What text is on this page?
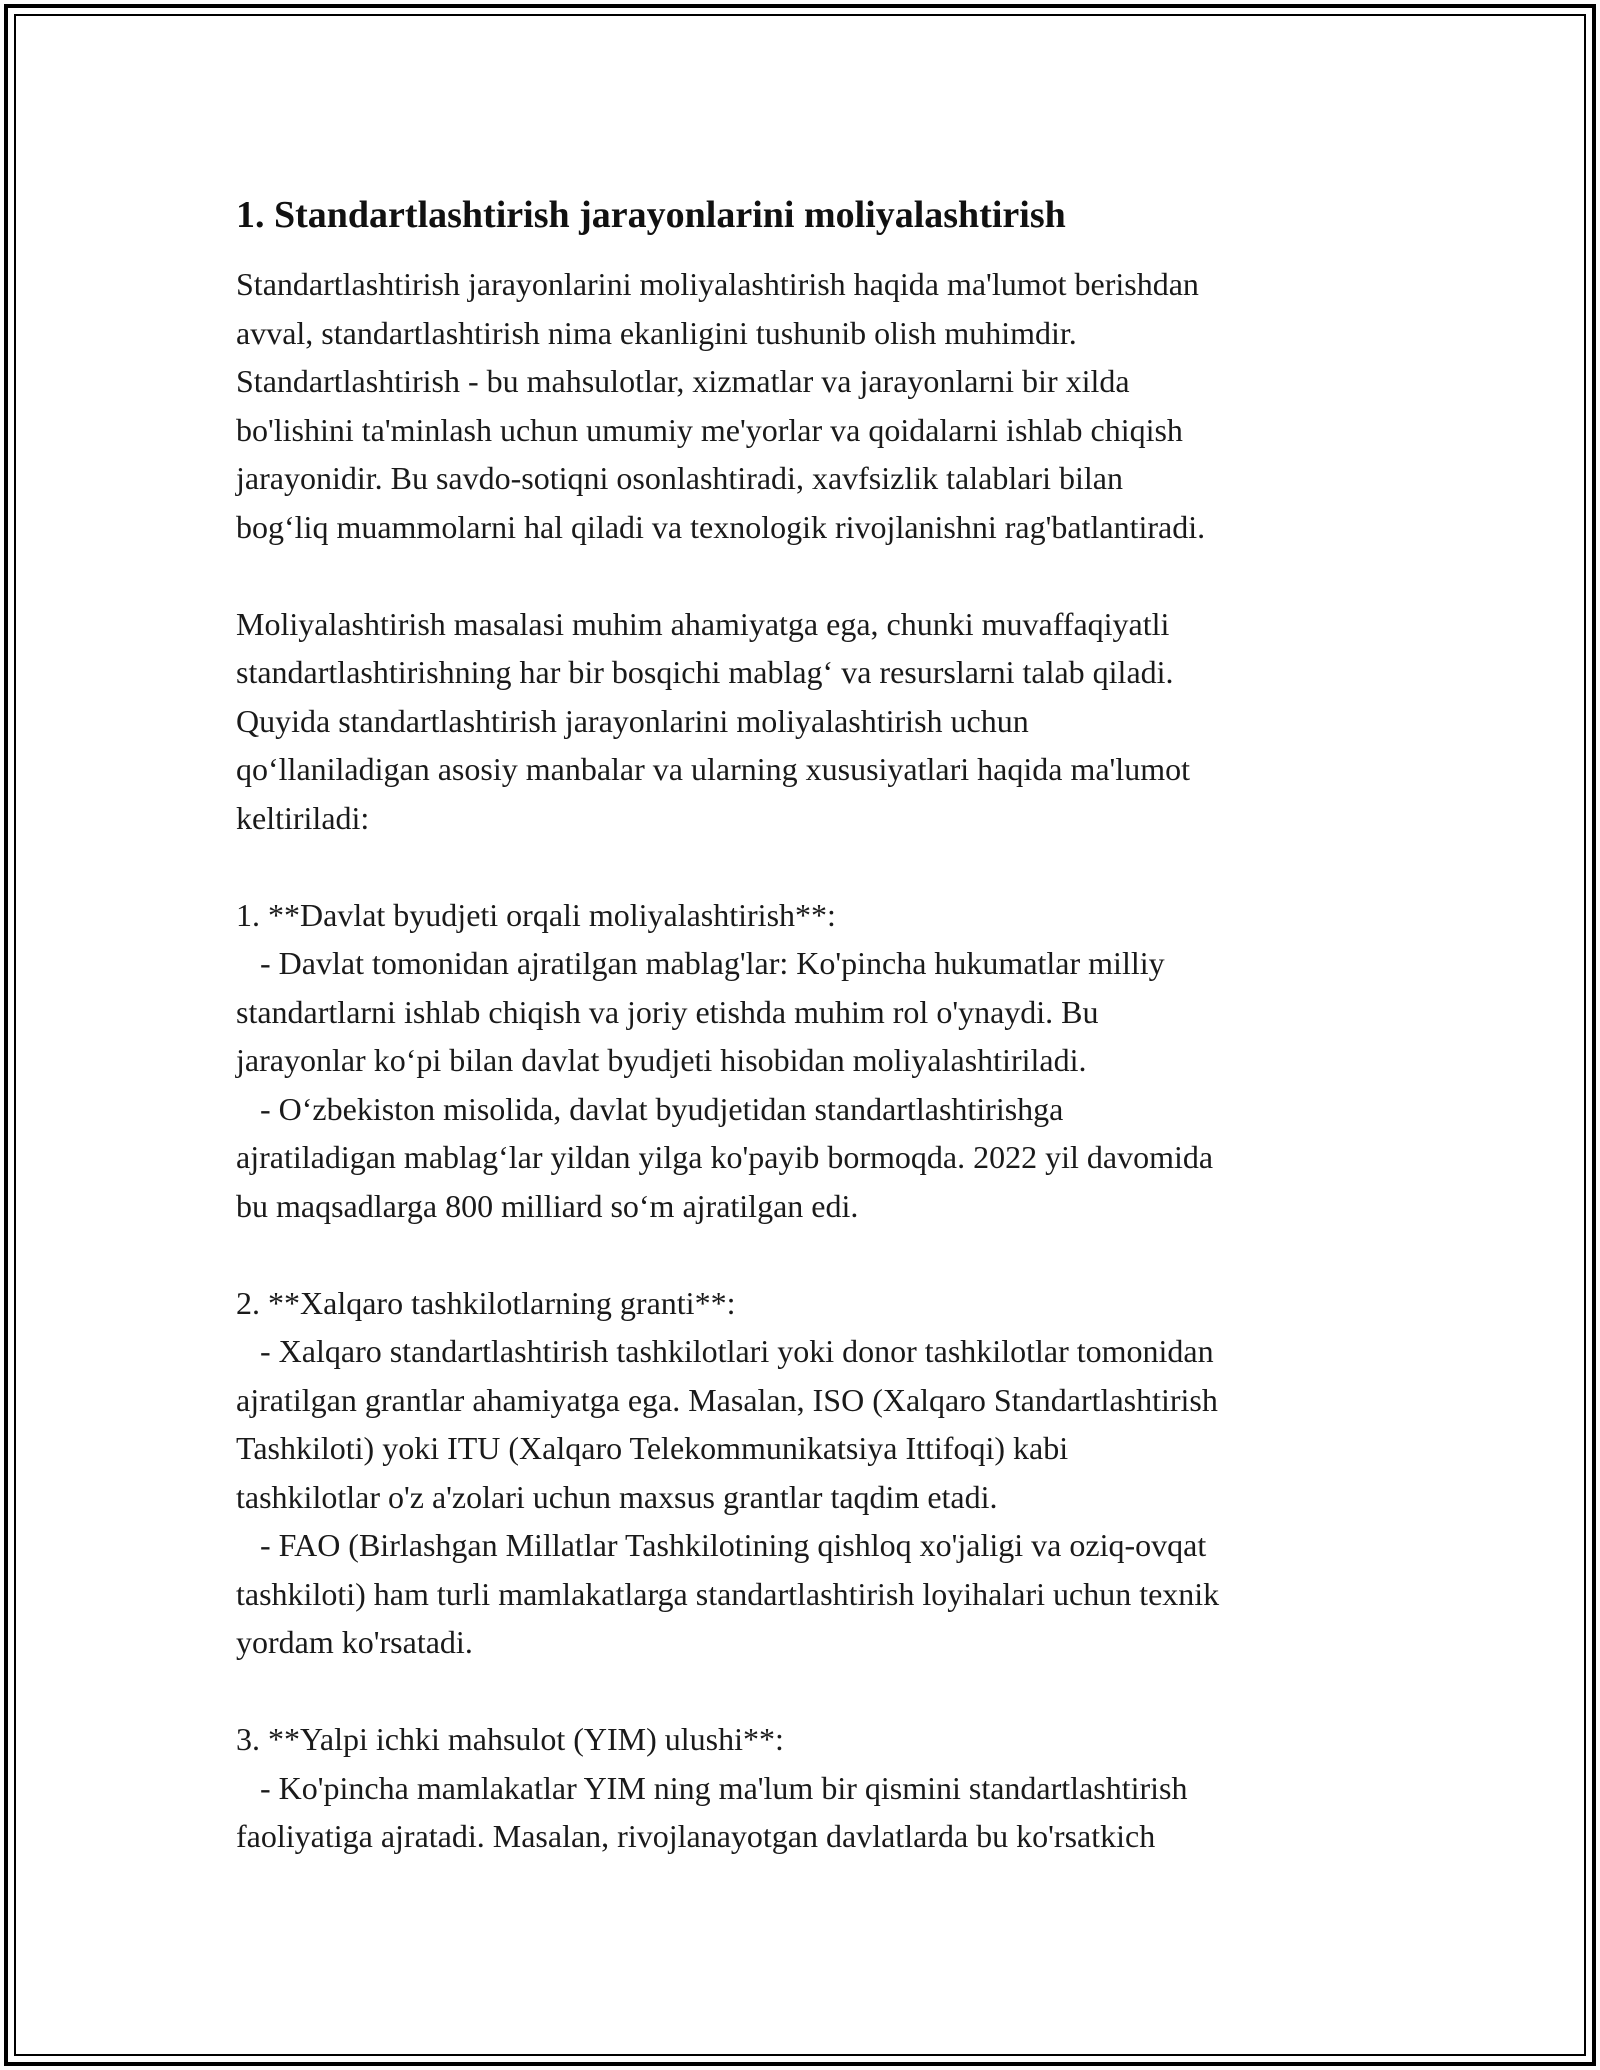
1. Standartlashtirish jarayonlarini moliyalashtirish
Standartlashtirish jarayonlarini moliyalashtirish haqida ma'lumot berishdan
avval, standartlashtirish nima ekanligini tushunib olish muhimdir.
Standartlashtirish - bu mahsulotlar, xizmatlar va jarayonlarni bir xilda
bo'lishini ta'minlash uchun umumiy me'yorlar va qoidalarni ishlab chiqish
jarayonidir. Bu savdo-sotiqni osonlashtiradi, xavfsizlik talablari bilan
bog‘liq muammolarni hal qiladi va texnologik rivojlanishni rag'batlantiradi.
Moliyalashtirish masalasi muhim ahamiyatga ega, chunki muvaffaqiyatli
standartlashtirishning har bir bosqichi mablag‘ va resurslarni talab qiladi.
Quyida standartlashtirish jarayonlarini moliyalashtirish uchun
qo‘llaniladigan asosiy manbalar va ularning xususiyatlari haqida ma'lumot
keltiriladi:
1. **Davlat byudjeti orqali moliyalashtirish**:
- Davlat tomonidan ajratilgan mablag'lar: Ko'pincha hukumatlar milliy
standartlarni ishlab chiqish va joriy etishda muhim rol o'ynaydi. Bu
jarayonlar ko‘pi bilan davlat byudjeti hisobidan moliyalashtiriladi.
- O‘zbekiston misolida, davlat byudjetidan standartlashtirishga
ajratiladigan mablag‘lar yildan yilga ko'payib bormoqda. 2022 yil davomida
bu maqsadlarga 800 milliard so‘m ajratilgan edi.
2. **Xalqaro tashkilotlarning granti**:
- Xalqaro standartlashtirish tashkilotlari yoki donor tashkilotlar tomonidan
ajratilgan grantlar ahamiyatga ega. Masalan, ISO (Xalqaro Standartlashtirish
Tashkiloti) yoki ITU (Xalqaro Telekommunikatsiya Ittifoqi) kabi
tashkilotlar o'z a'zolari uchun maxsus grantlar taqdim etadi.
- FAO (Birlashgan Millatlar Tashkilotining qishloq xo'jaligi va oziq-ovqat
tashkiloti) ham turli mamlakatlarga standartlashtirish loyihalari uchun texnik
yordam ko'rsatadi.
3. **Yalpi ichki mahsulot (YIM) ulushi**:
- Ko'pincha mamlakatlar YIM ning ma'lum bir qismini standartlashtirish
faoliyatiga ajratadi. Masalan, rivojlanayotgan davlatlarda bu ko'rsatkich
